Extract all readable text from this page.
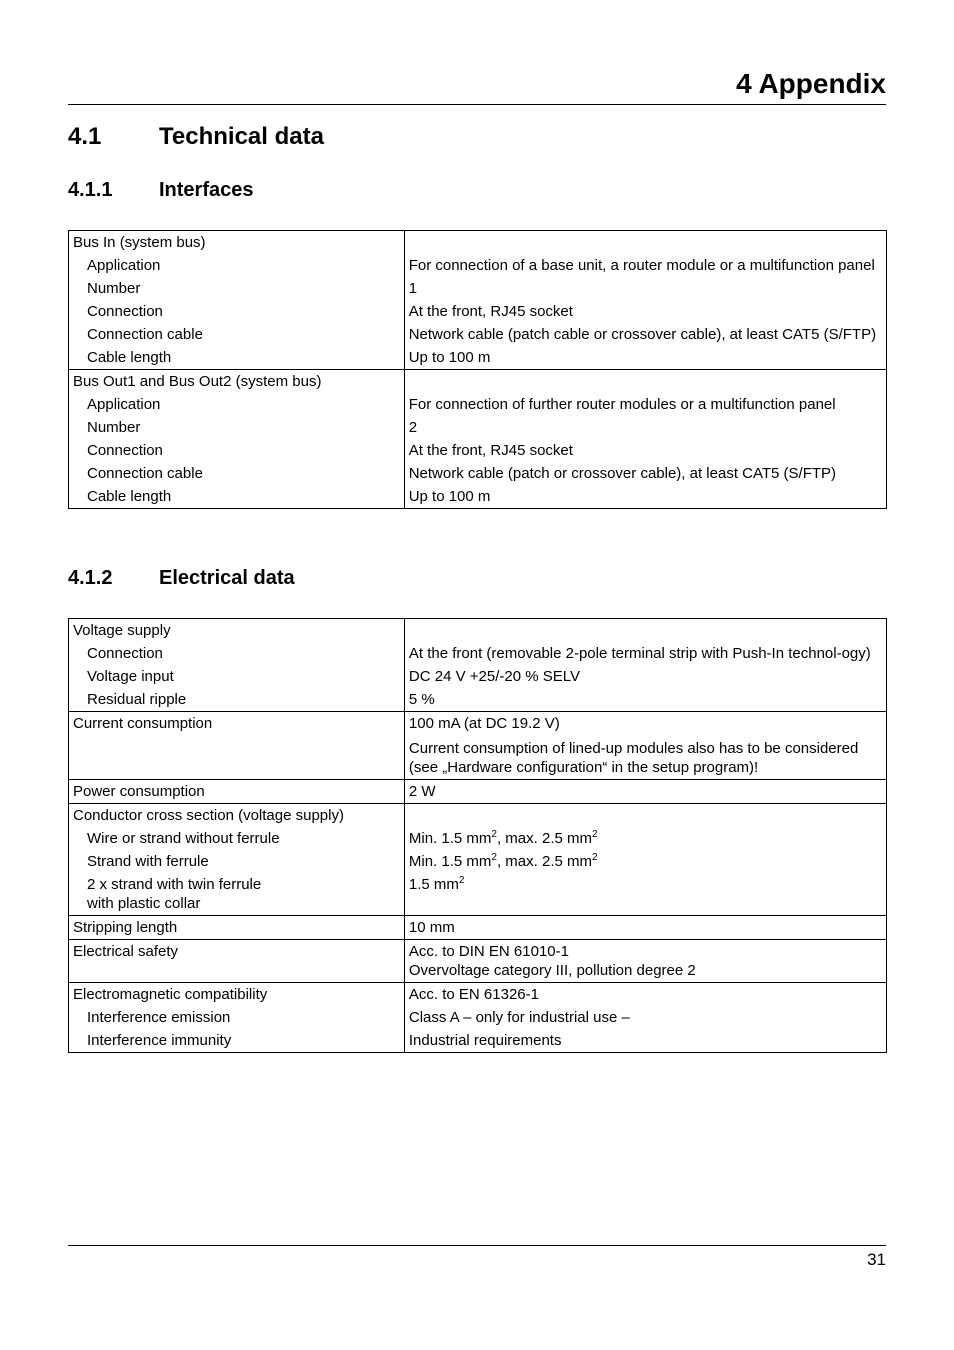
4 Appendix
4.1 Technical data
4.1.1 Interfaces
Bus In (system bus)	
Application	For connection of a base unit, a router module or a multifunction panel
Number	1
Connection	At the front, RJ45 socket
Connection cable	Network cable (patch cable or crossover cable), at least CAT5 (S/FTP)
Cable length	Up to 100 m
Bus Out1 and Bus Out2 (system bus)	
Application	For connection of further router modules or a multifunction panel
Number	2
Connection	At the front, RJ45 socket
Connection cable	Network cable (patch or crossover cable), at least CAT5 (S/FTP)
Cable length	Up to 100 m
4.1.2 Electrical data
Voltage supply	
Connection	At the front (removable 2-pole terminal strip with Push-In technol-ogy)
Voltage input	DC 24 V +25/-20 % SELV
Residual ripple	5 %
Current consumption	100 mA (at DC 19.2 V)
Current consumption of lined-up modules also has to be considered (see „Hardware configuration“ in the setup program)!
Power consumption	2 W
Conductor cross section (voltage supply)	
Wire or strand without ferrule	Min. 1.5 $mm^2$, max. 2.5 $mm^2$
Strand with ferrule	Min. 1.5 $mm^2$, max. 2.5 $mm^2$
2 x strand with twin ferrule
with plastic collar	1.5 $mm^2$
Stripping length	10 mm
Electrical safety	Acc. to DIN EN 61010-1
Overvoltage category III, pollution degree 2
Electromagnetic compatibility	Acc. to EN 61326-1
Interference emission	Class A – only for industrial use –
Interference immunity	Industrial requirements
31
